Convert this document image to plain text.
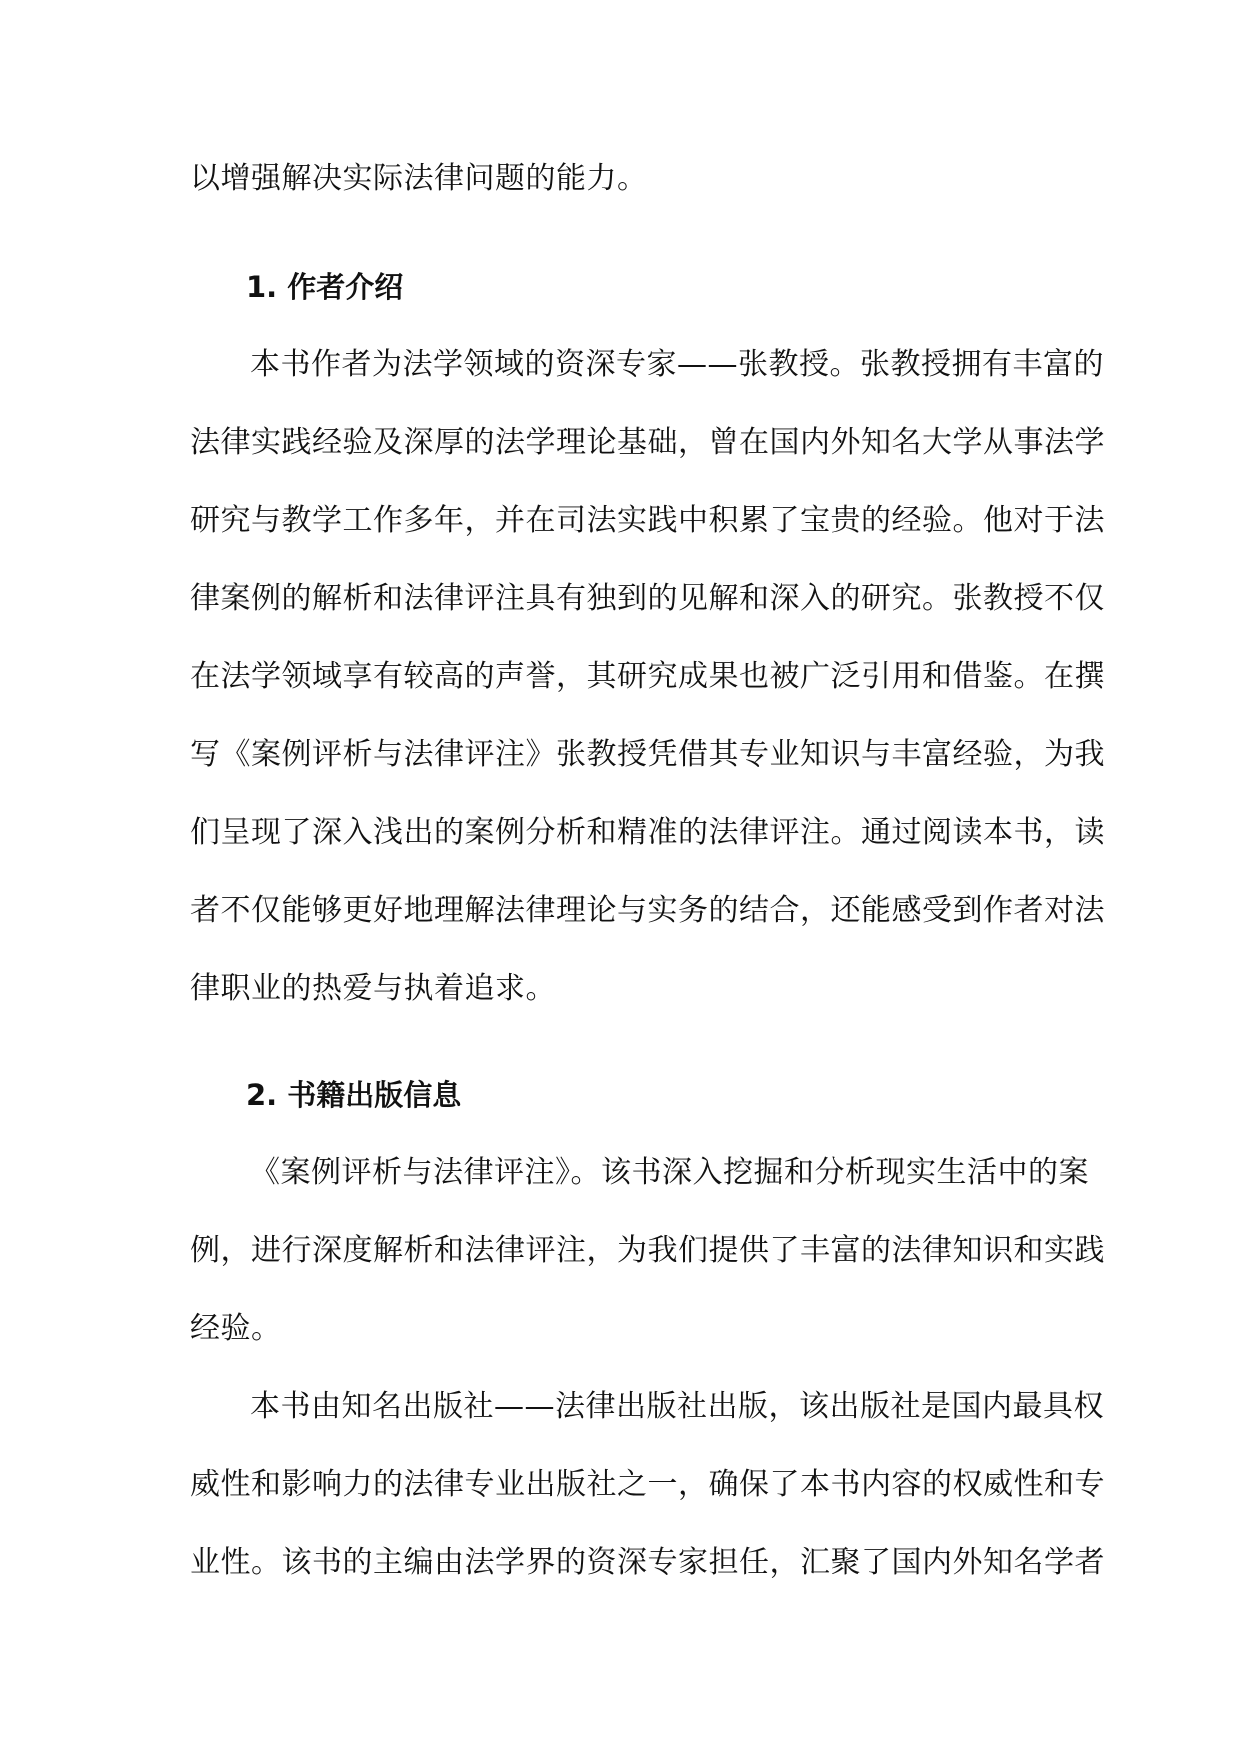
以增强解决实际法律问题的能力。
1. 作者介绍
本书作者为法学领域的资深专家——张教授。张教授拥有丰富的
法律实践经验及深厚的法学理论基础，曾在国内外知名大学从事法学
研究与教学工作多年，并在司法实践中积累了宝贵的经验。他对于法
律案例的解析和法律评注具有独到的见解和深入的研究。张教授不仅
在法学领域享有较高的声誉，其研究成果也被广泛引用和借鉴。在撰
写《案例评析与法律评注》张教授凭借其专业知识与丰富经验，为我
们呈现了深入浅出的案例分析和精准的法律评注。通过阅读本书，读
者不仅能够更好地理解法律理论与实务的结合，还能感受到作者对法
律职业的热爱与执着追求。
2. 书籍出版信息
《案例评析与法律评注》。该书深入挖掘和分析现实生活中的案
例，进行深度解析和法律评注，为我们提供了丰富的法律知识和实践
经验。
本书由知名出版社——法律出版社出版，该出版社是国内最具权
威性和影响力的法律专业出版社之一，确保了本书内容的权威性和专
业性。该书的主编由法学界的资深专家担任，汇聚了国内外知名学者
